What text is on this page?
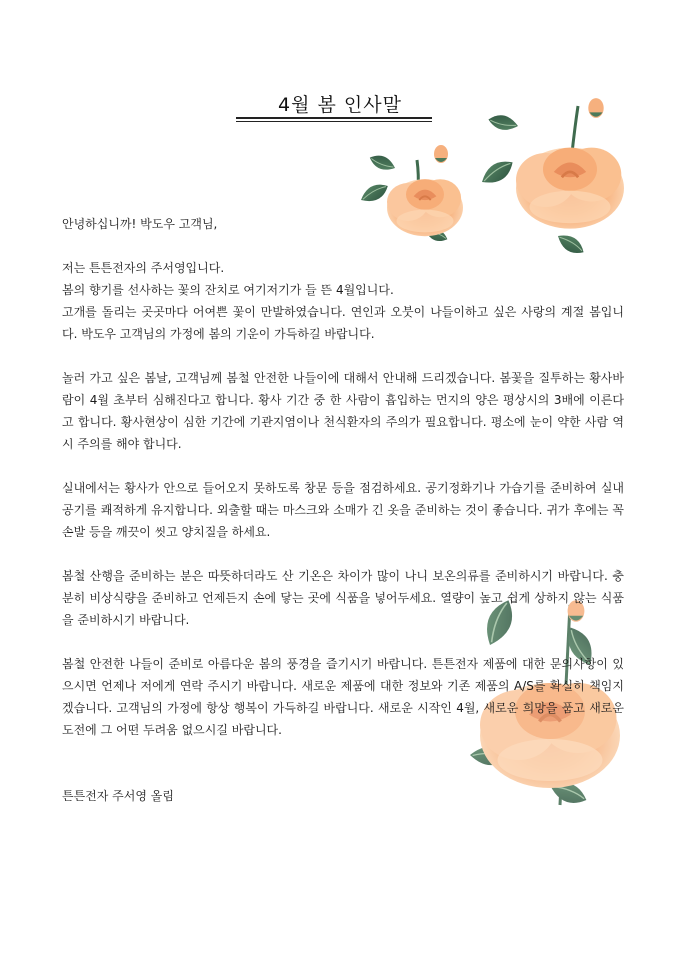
4월 봄 인사말

안녕하십니까! 박도우 고객님,

저는 튼튼전자의 주서영입니다.

봄의 향기를 선사하는 꽃의 잔치로 여기저기가 들 뜬 4월입니다.

고개를 돌리는 곳곳마다 어여쁜 꽃이 만발하였습니다. 연인과 오붓이 나들이하고 싶은 사랑의 계절 봄입니다. 박도우 고객님의 가정에 봄의 기운이 가득하길 바랍니다.

놀러 가고 싶은 봄날, 고객님께 봄철 안전한 나들이에 대해서 안내해 드리겠습니다. 봄꽃을 질투하는 황사바람이 4월 초부터 심해진다고 합니다. 황사 기간 중 한 사람이 흡입하는 먼지의 양은 평상시의 3배에 이른다고 합니다. 황사현상이 심한 기간에 기관지염이나 천식환자의 주의가 필요합니다. 평소에 눈이 약한 사람 역시 주의를 해야 합니다.

실내에서는 황사가 안으로 들어오지 못하도록 창문 등을 점검하세요. 공기정화기나 가습기를 준비하여 실내공기를 쾌적하게 유지합니다. 외출할 때는 마스크와 소매가 긴 옷을 준비하는 것이 좋습니다. 귀가 후에는 꼭 손발 등을 깨끗이 씻고 양치질을 하세요.

봄철 산행을 준비하는 분은 따뜻하더라도 산 기온은 차이가 많이 나니 보온의류를 준비하시기 바랍니다. 충분히 비상식량을 준비하고 언제든지 손에 닿는 곳에 식품을 넣어두세요. 열량이 높고 쉽게 상하지 않는 식품을 준비하시기 바랍니다.

봄철 안전한 나들이 준비로 아름다운 봄의 풍경을 즐기시기 바랍니다. 튼튼전자 제품에 대한 문의사항이 있으시면 언제나 저에게 연락 주시기 바랍니다. 새로운 제품에 대한 정보와 기존 제품의 A/S를 확실히 책임지겠습니다. 고객님의 가정에 항상 행복이 가득하길 바랍니다. 새로운 시작인 4월, 새로운 희망을 품고 새로운 도전에 그 어떤 두려움 없으시길 바랍니다.

튼튼전자 주서영 올림
